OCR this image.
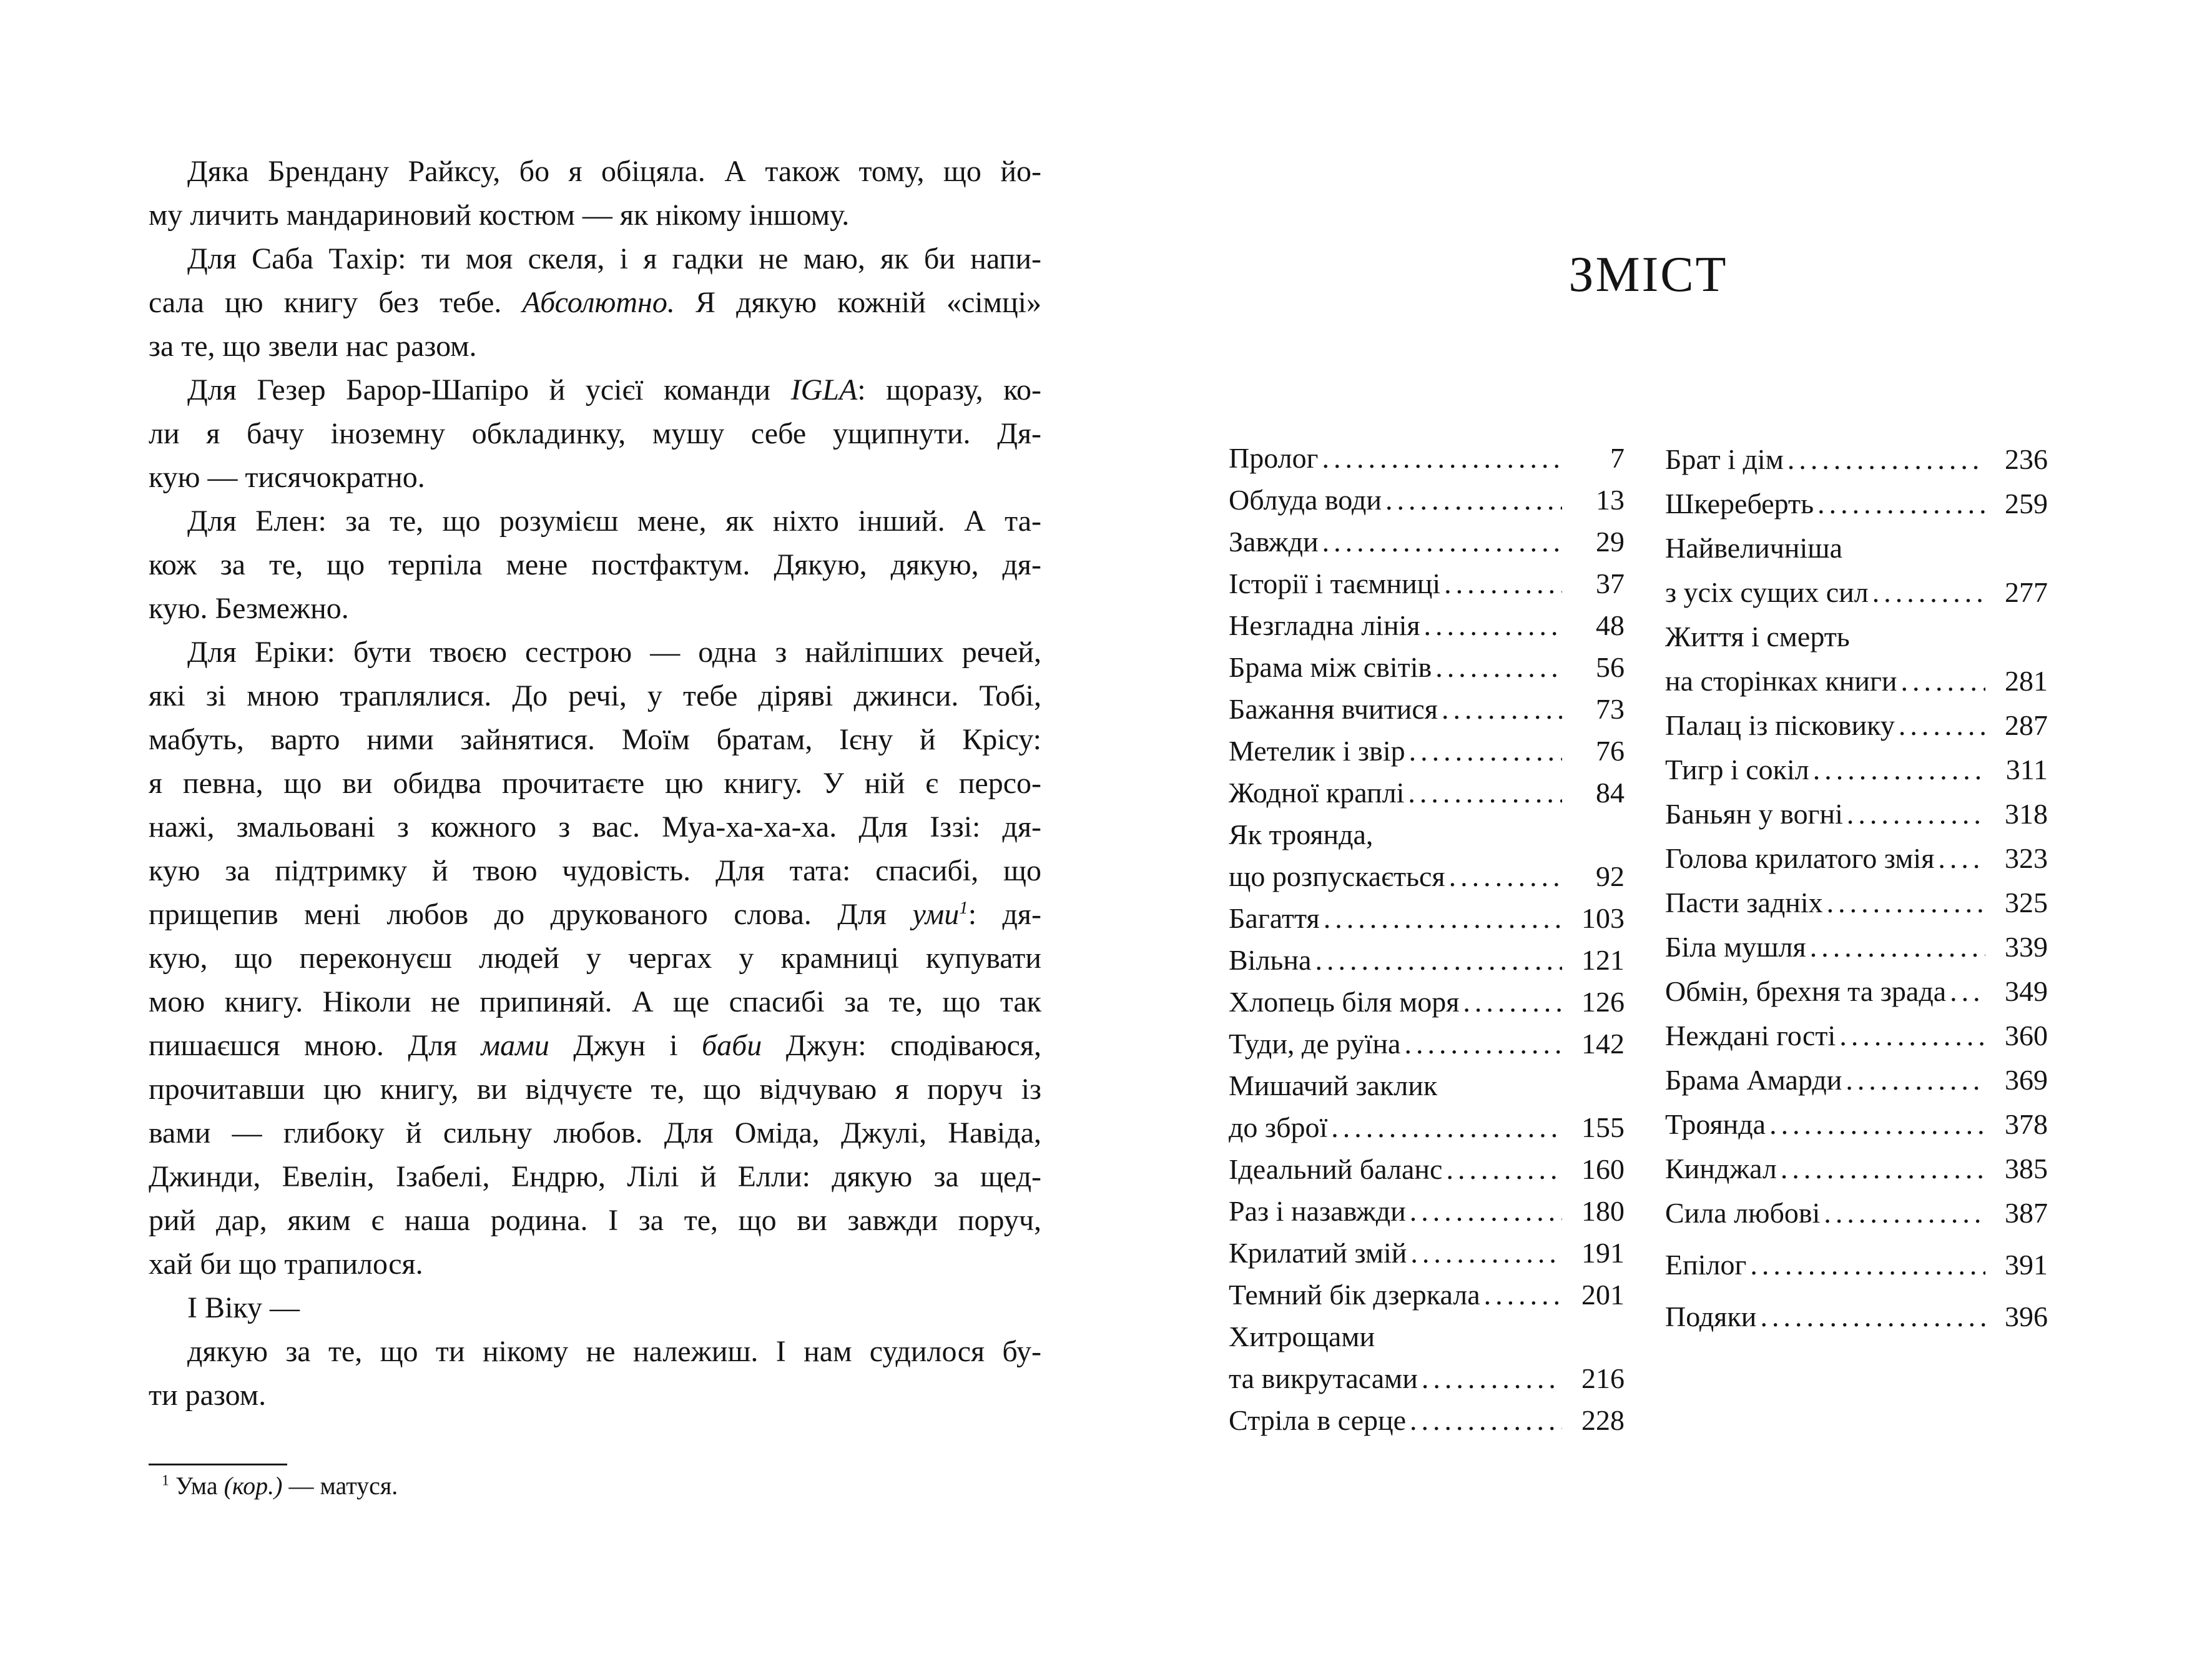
Дяка Брендану Райксу, бо я обіцяла. А також тому, що йо-
му личить мандариновий костюм — як нікому іншому.
Для Саба Тахір: ти моя скеля, і я гадки не маю, як би напи-
сала цю книгу без тебе. Абсолютно. Я дякую кожній «сімці»
за те, що звели нас разом.
Для Гезер Барор-Шапіро й усієї команди IGLA: щоразу, ко-
ли я бачу іноземну обкладинку, мушу себе ущипнути. Дя-
кую — тисячократно.
Для Елен: за те, що розумієш мене, як ніхто інший. А та-
кож за те, що терпіла мене постфактум. Дякую, дякую, дя-
кую. Безмежно.
Для Еріки: бути твоєю сестрою — одна з найліпших речей,
які зі мною траплялися. До речі, у тебе діряві джинси. Тобі,
мабуть, варто ними зайнятися. Моїм братам, Ієну й Крісу:
я певна, що ви обидва прочитаєте цю книгу. У ній є персо-
нажі, змальовані з кожного з вас. Муа-ха-ха-ха. Для Іззі: дя-
кую за підтримку й твою чудовість. Для тата: спасибі, що
прищепив мені любов до друкованого слова. Для уми$^1$: дя-
кую, що переконуєш людей у чергах у крамниці купувати
мою книгу. Ніколи не припиняй. А ще спасибі за те, що так
пишаєшся мною. Для мами Джун і баби Джун: сподіваюся,
прочитавши цю книгу, ви відчуєте те, що відчуваю я поруч із
вами — глибоку й сильну любов. Для Оміда, Джулі, Навіда,
Джинди, Евелін, Ізабелі, Ендрю, Лілі й Елли: дякую за щед-
рий дар, яким є наша родина. І за те, що ви завжди поруч,
хай би що трапилося.
І Віку —
дякую за те, що ти нікому не належиш. І нам судилося бу-
ти разом.
$^1$ Ума (кор.) — матуся.
ЗМІСТ
Пролог .....	7
Облуда води .....	13
Завжди .....	29
Історії і таємниці .....	37
Незгладна лінія .....	48
Брама між світів .....	56
Бажання вчитися .....	73
Метелик і звір .....	76
Жодної краплі .....	84
Як троянда,
що розпускається .....	92
Багаття .....	103
Вільна .....	121
Хлопець біля моря .....	126
Туди, де руїна .....	142
Мишачий заклик
до зброї .....	155
Ідеальний баланс .....	160
Раз і назавжди .....	180
Крилатий змій .....	191
Темний бік дзеркала .....	201
Хитрощами
та викрутасами .....	216
Стріла в серце .....	228
Брат і дім .....	236
Шкереберть .....	259
Найвеличніша
з усіх сущих сил .....	277
Життя і смерть
на сторінках книги .....	281
Палац із пісковику .....	287
Тигр і сокіл .....	311
Баньян у вогні .....	318
Голова крилатого змія .....	323
Пасти задніх .....	325
Біла мушля .....	339
Обмін, брехня та зрада .....	349
Неждані гості .....	360
Брама Амарди .....	369
Троянда .....	378
Кинджал .....	385
Сила любові .....	387
Епілог .....	391
Подяки .....	396
